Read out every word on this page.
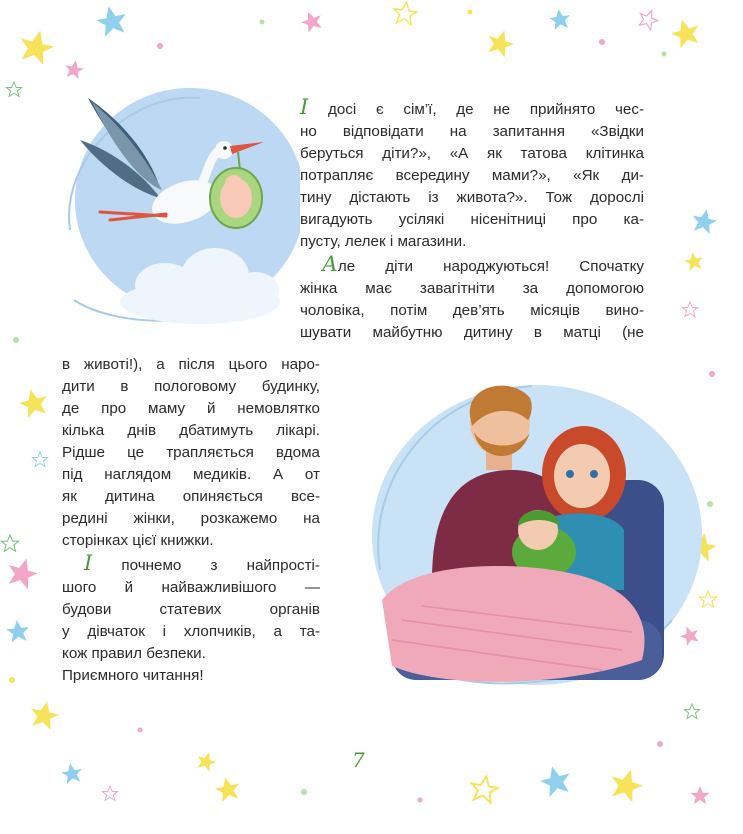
І досі є сім’ї, де не прийнято чес-
но відповідати на запитання «Звідки
беруться діти?», «А як татова клітинка
потрапляє всередину мами?», «Як ди-
тину дістають із живота?». Тож дорослі
вигадують усілякі нісенітниці про ка-
пусту, лелек і магазини.
Але діти народжуються! Спочатку
жінка має завагітніти за допомогою
чоловіка, потім дев’ять місяців вино-
шувати майбутню дитину в матці (не
в животі!), а після цього наро-
дити в пологовому будинку,
де про маму й немовлятко
кілька днів дбатимуть лікарі.
Рідше це трапляється вдома
під наглядом медиків. А от
як дитина опиняється все-
редині жінки, розкажемо на
сторінках цієї книжки.
І почнемо з найпрості-
шого й найважливішого —
будови статевих органів
у дівчаток і хлопчиків, а та-
кож правил безпеки.
Приємного читання!
7
